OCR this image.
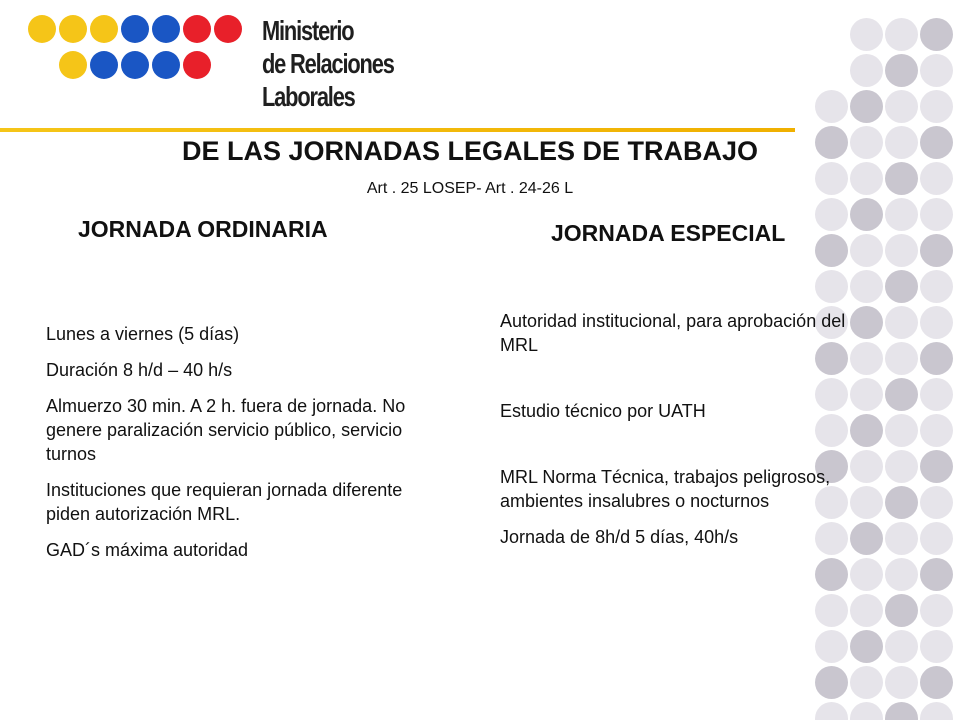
Ministerio
de Relaciones
Laborales
DE LAS JORNADAS LEGALES DE TRABAJO
Art . 25 LOSEP- Art . 24-26 L
JORNADA ORDINARIA	JORNADA ESPECIAL

Lunes a viernes (5 días)

Duración 8 h/d – 40 h/s

Almuerzo 30 min. A 2 h. fuera de jornada. No genere paralización servicio público, servicio turnos

Instituciones que requieran jornada diferente piden autorización MRL.

GAD´s máxima autoridad

Autoridad institucional, para aprobación del MRL

Estudio técnico por UATH

MRL Norma Técnica, trabajos peligrosos, ambientes insalubres o nocturnos

Jornada de 8h/d 5 días, 40h/s
